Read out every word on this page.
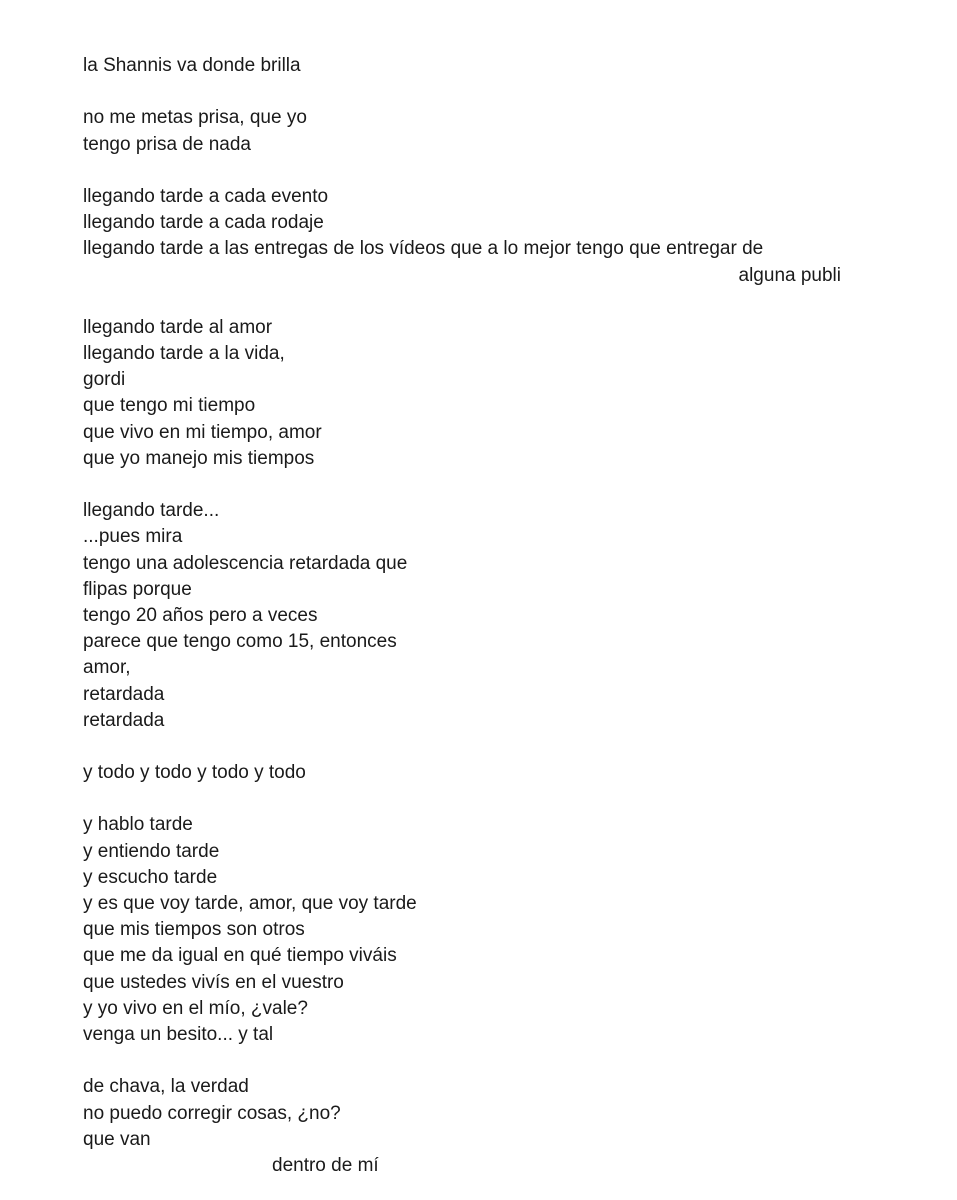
la Shannis va donde brilla
no me metas prisa, que yo
tengo prisa de nada
llegando tarde a cada evento
llegando tarde a cada rodaje
llegando tarde a las entregas de los vídeos que a lo mejor tengo que entregar de
alguna publi
llegando tarde al amor
llegando tarde a la vida,
gordi
que tengo mi tiempo
que vivo en mi tiempo, amor
que yo manejo mis tiempos
llegando tarde...
...pues mira
tengo una adolescencia retardada que
flipas porque
tengo 20 años pero a veces
parece que tengo como 15, entonces
amor,
retardada
retardada
y todo y todo y todo y todo
y hablo tarde
y entiendo tarde
y escucho tarde
y es que voy tarde, amor, que voy tarde
que mis tiempos son otros
que me da igual en qué tiempo viváis
que ustedes vivís en el vuestro
y yo vivo en el mío, ¿vale?
venga un besito... y tal
de chava, la verdad
no puedo corregir cosas, ¿no?
que van
dentro de mí
